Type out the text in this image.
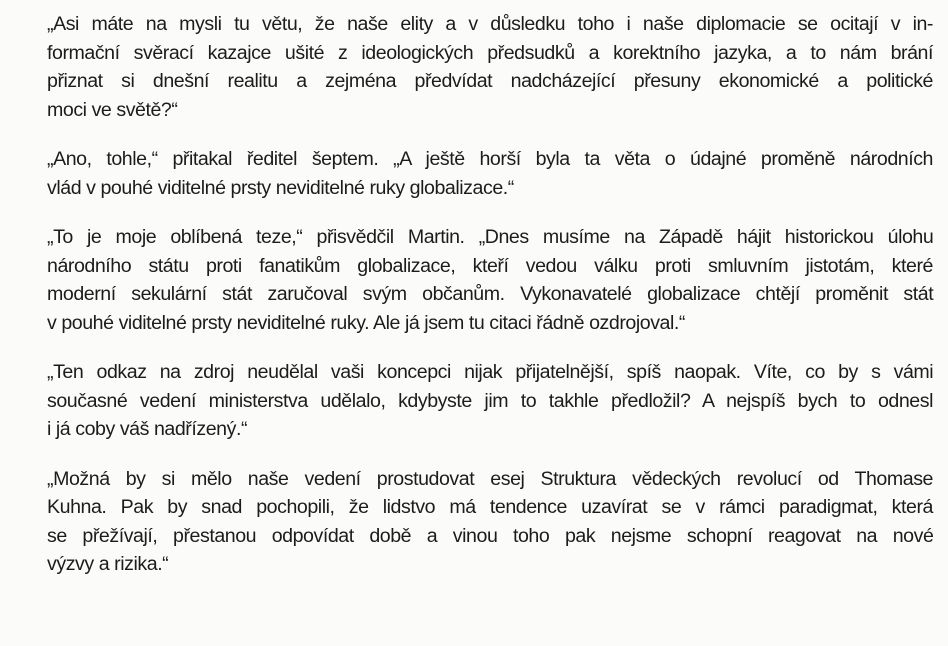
„Asi máte na mysli tu větu, že naše elity a v důsledku toho i naše diplomacie se ocitají v in-
formační svěrací kazajce ušité z ideologických předsudků a korektního jazyka, a to nám brání
přiznat si dnešní realitu a zejména předvídat nadcházející přesuny ekonomické a politické
moci ve světě?“

„Ano, tohle,“ přitakal ředitel šeptem. „A ještě horší byla ta věta o údajné proměně národních
vlád v pouhé viditelné prsty neviditelné ruky globalizace.“

„To je moje oblíbená teze,“ přisvědčil Martin. „Dnes musíme na Západě hájit historickou úlohu
národního státu proti fanatikům globalizace, kteří vedou válku proti smluvním jistotám, které
moderní sekulární stát zaručoval svým občanům. Vykonavatelé globalizace chtějí proměnit stát
v pouhé viditelné prsty neviditelné ruky. Ale já jsem tu citaci řádně ozdrojoval.“

„Ten odkaz na zdroj neudělal vaši koncepci nijak přijatelnější, spíš naopak. Víte, co by s vámi
současné vedení ministerstva udělalo, kdybyste jim to takhle předložil? A nejspíš bych to odnesl
i já coby váš nadřízený.“

„Možná by si mělo naše vedení prostudovat esej Struktura vědeckých revolucí od Thomase
Kuhna. Pak by snad pochopili, že lidstvo má tendence uzavírat se v rámci paradigmat, která
se přežívají, přestanou odpovídat době a vinou toho pak nejsme schopní reagovat na nové
výzvy a rizika.“
